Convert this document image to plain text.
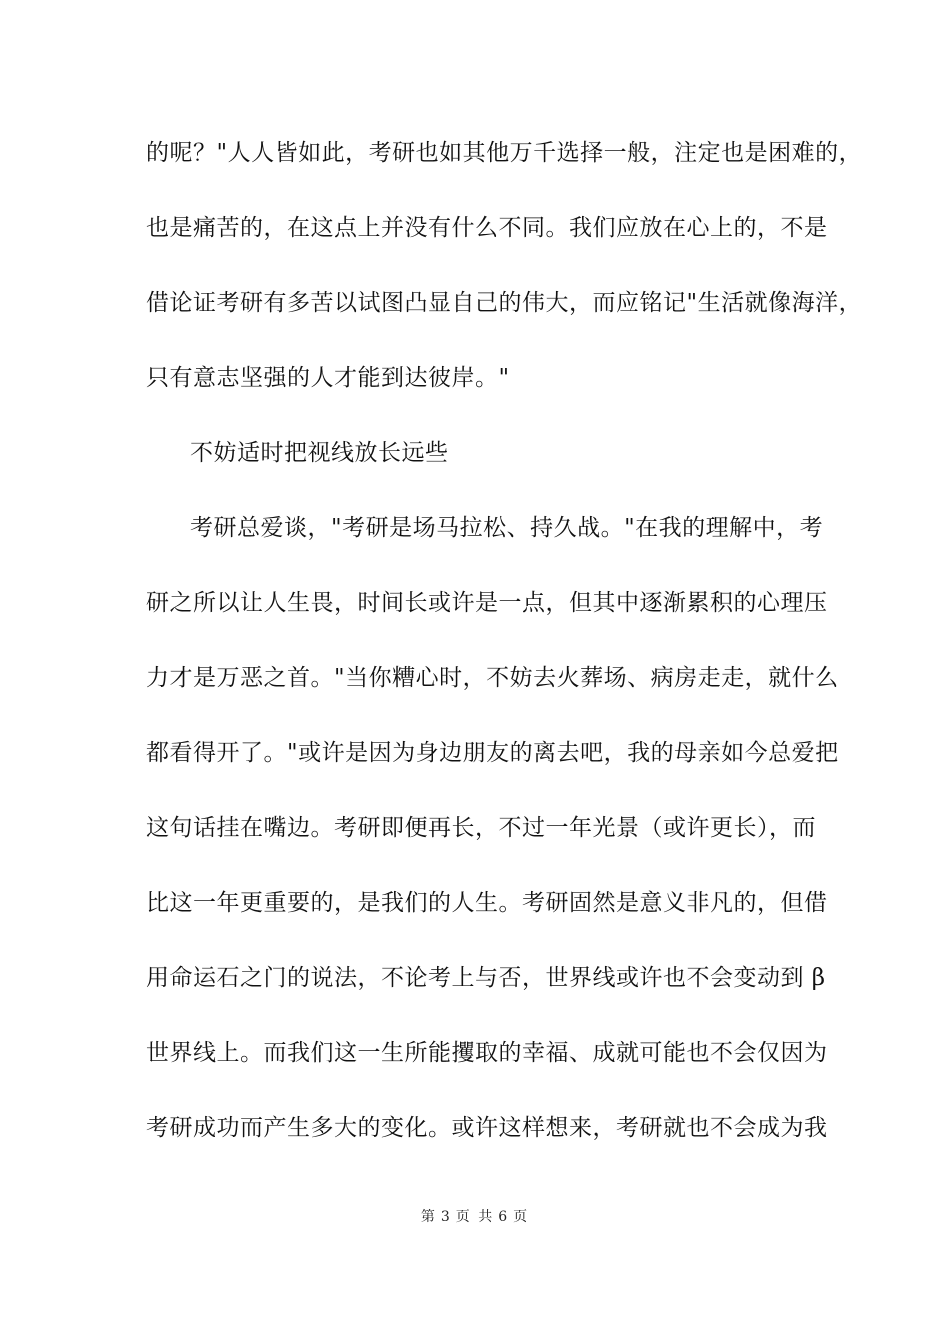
的呢？"人人皆如此，考研也如其他万千选择一般，注定也是困难的，
也是痛苦的，在这点上并没有什么不同。我们应放在心上的，不是
借论证考研有多苦以试图凸显自己的伟大，而应铭记"生活就像海洋，
只有意志坚强的人才能到达彼岸。"
不妨适时把视线放长远些
考研总爱谈，"考研是场马拉松、持久战。"在我的理解中，考
研之所以让人生畏，时间长或许是一点，但其中逐渐累积的心理压
力才是万恶之首。"当你糟心时，不妨去火葬场、病房走走，就什么
都看得开了。"或许是因为身边朋友的离去吧，我的母亲如今总爱把
这句话挂在嘴边。考研即便再长，不过一年光景（或许更长），而
比这一年更重要的，是我们的人生。考研固然是意义非凡的，但借
用命运石之门的说法，不论考上与否，世界线或许也不会变动到 β
世界线上。而我们这一生所能攫取的幸福、成就可能也不会仅因为
考研成功而产生多大的变化。或许这样想来，考研就也不会成为我
第 3 页 共 6 页
